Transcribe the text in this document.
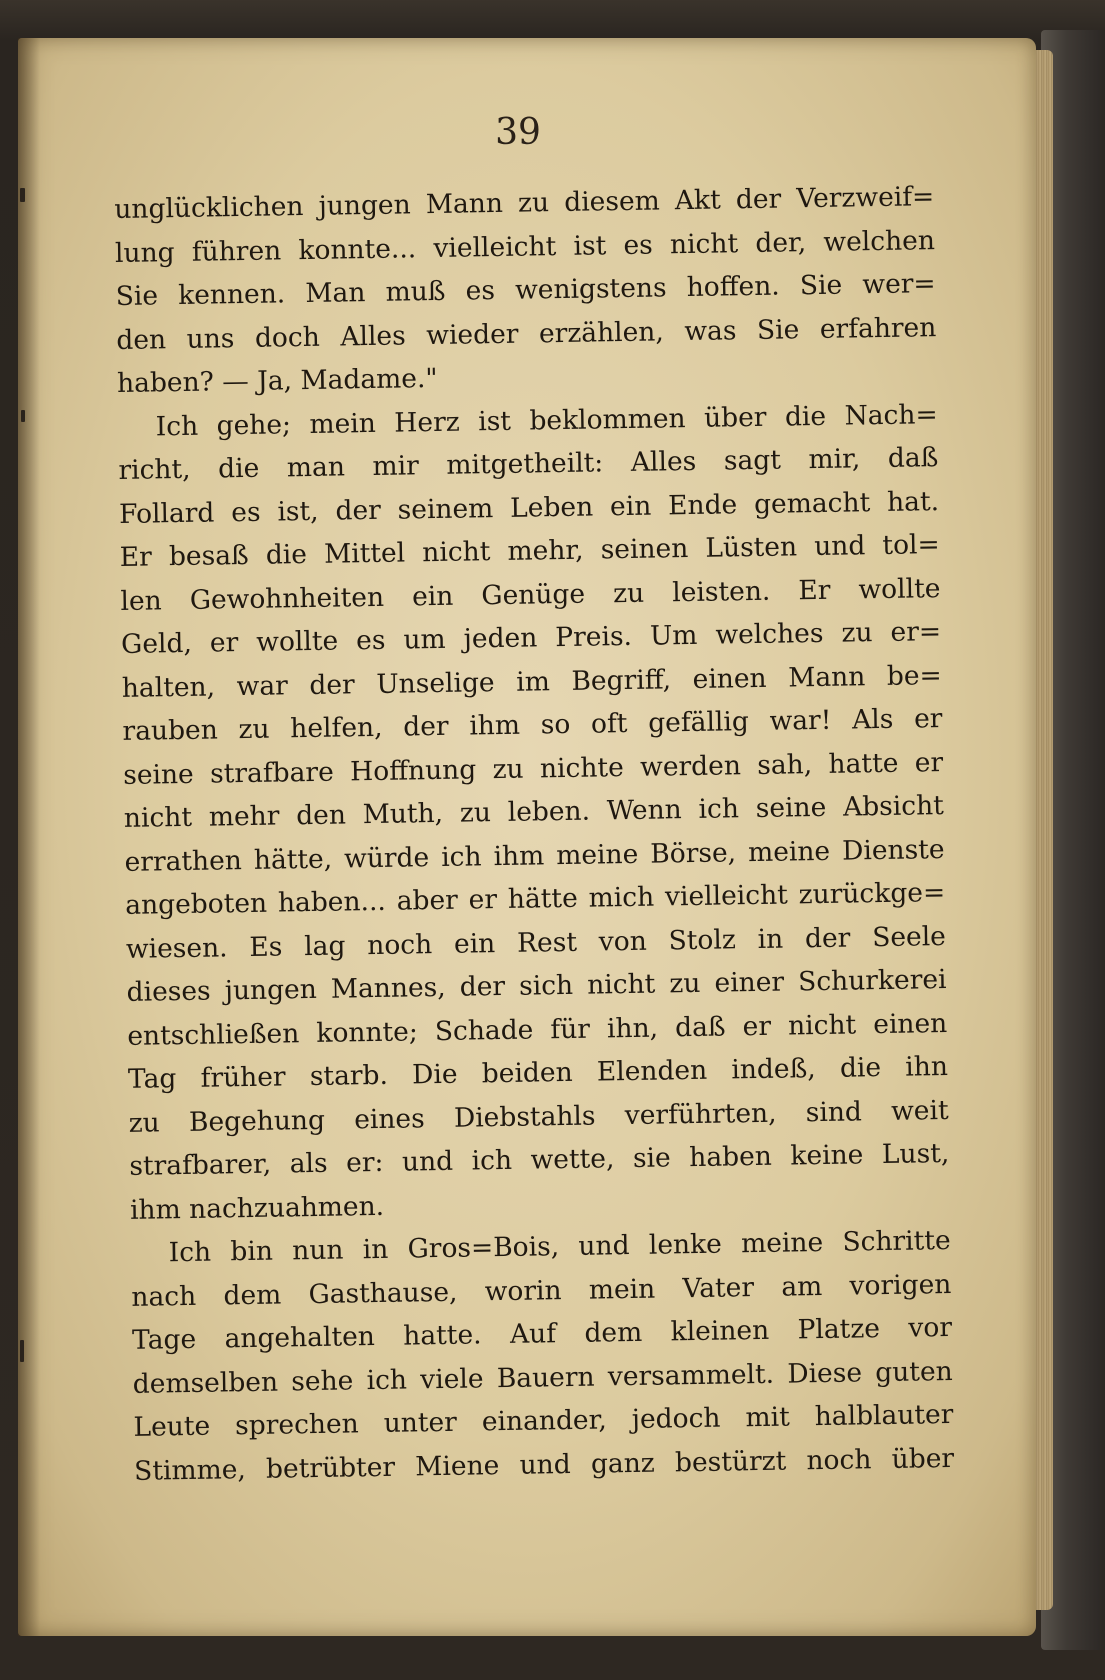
39
unglücklichen jungen Mann zu diesem Akt der Verzweif=
lung führen konnte... vielleicht ist es nicht der, welchen
Sie kennen. Man muß es wenigstens hoffen. Sie wer=
den uns doch Alles wieder erzählen, was Sie erfahren
haben? — Ja, Madame."
Ich gehe; mein Herz ist beklommen über die Nach=
richt, die man mir mitgetheilt: Alles sagt mir, daß
Follard es ist, der seinem Leben ein Ende gemacht hat.
Er besaß die Mittel nicht mehr, seinen Lüsten und tol=
len Gewohnheiten ein Genüge zu leisten. Er wollte
Geld, er wollte es um jeden Preis. Um welches zu er=
halten, war der Unselige im Begriff, einen Mann be=
rauben zu helfen, der ihm so oft gefällig war! Als er
seine strafbare Hoffnung zu nichte werden sah, hatte er
nicht mehr den Muth, zu leben. Wenn ich seine Absicht
errathen hätte, würde ich ihm meine Börse, meine Dienste
angeboten haben... aber er hätte mich vielleicht zurückge=
wiesen. Es lag noch ein Rest von Stolz in der Seele
dieses jungen Mannes, der sich nicht zu einer Schurkerei
entschließen konnte; Schade für ihn, daß er nicht einen
Tag früher starb. Die beiden Elenden indeß, die ihn
zu Begehung eines Diebstahls verführten, sind weit
strafbarer, als er: und ich wette, sie haben keine Lust,
ihm nachzuahmen.
Ich bin nun in Gros=Bois, und lenke meine Schritte
nach dem Gasthause, worin mein Vater am vorigen
Tage angehalten hatte. Auf dem kleinen Platze vor
demselben sehe ich viele Bauern versammelt. Diese guten
Leute sprechen unter einander, jedoch mit halblauter
Stimme, betrübter Miene und ganz bestürzt noch über
